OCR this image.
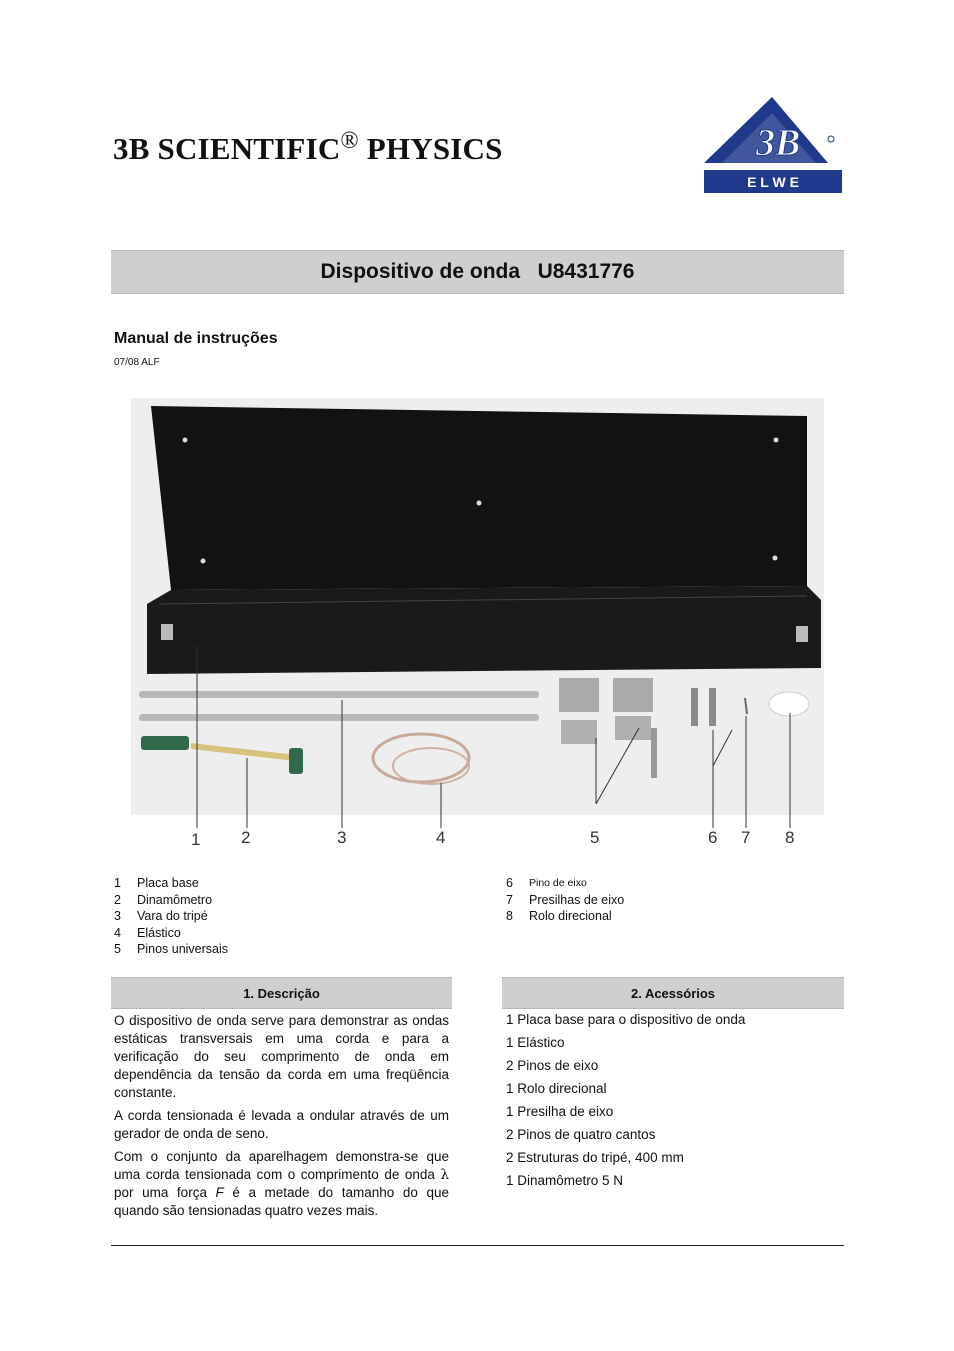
3B SCIENTIFIC® PHYSICS	3B
E L W E
Dispositivo de onda
U8431776
Manual de instruções
07/08 ALF
1 2	3	4	5	6 7 8
1	Placa base
2	Dinamômetro
3	Vara do tripé
4	Elástico
5	Pinos universais
6	Pino de eixo
7	Presilhas de eixo
8	Rolo direcional
1. Descrição

O dispositivo de onda serve para demonstrar as ondas estáticas transversais em uma corda e para a verificação do seu comprimento de onda em dependência da tensão da corda em uma freqüência constante.

A corda tensionada é levada a ondular através de um gerador de onda de seno.

Com o conjunto da aparelhagem demonstra-se que uma corda tensionada com o comprimento de onda λ por uma força F é a metade do tamanho do que quando são tensionadas quatro vezes mais.

2. Acessórios
1 Placa base para o dispositivo de onda
1 Elástico
2 Pinos de eixo
1 Rolo direcional
1 Presilha de eixo
2 Pinos de quatro cantos
2 Estruturas do tripé, 400 mm
1 Dinamômetro 5 N
